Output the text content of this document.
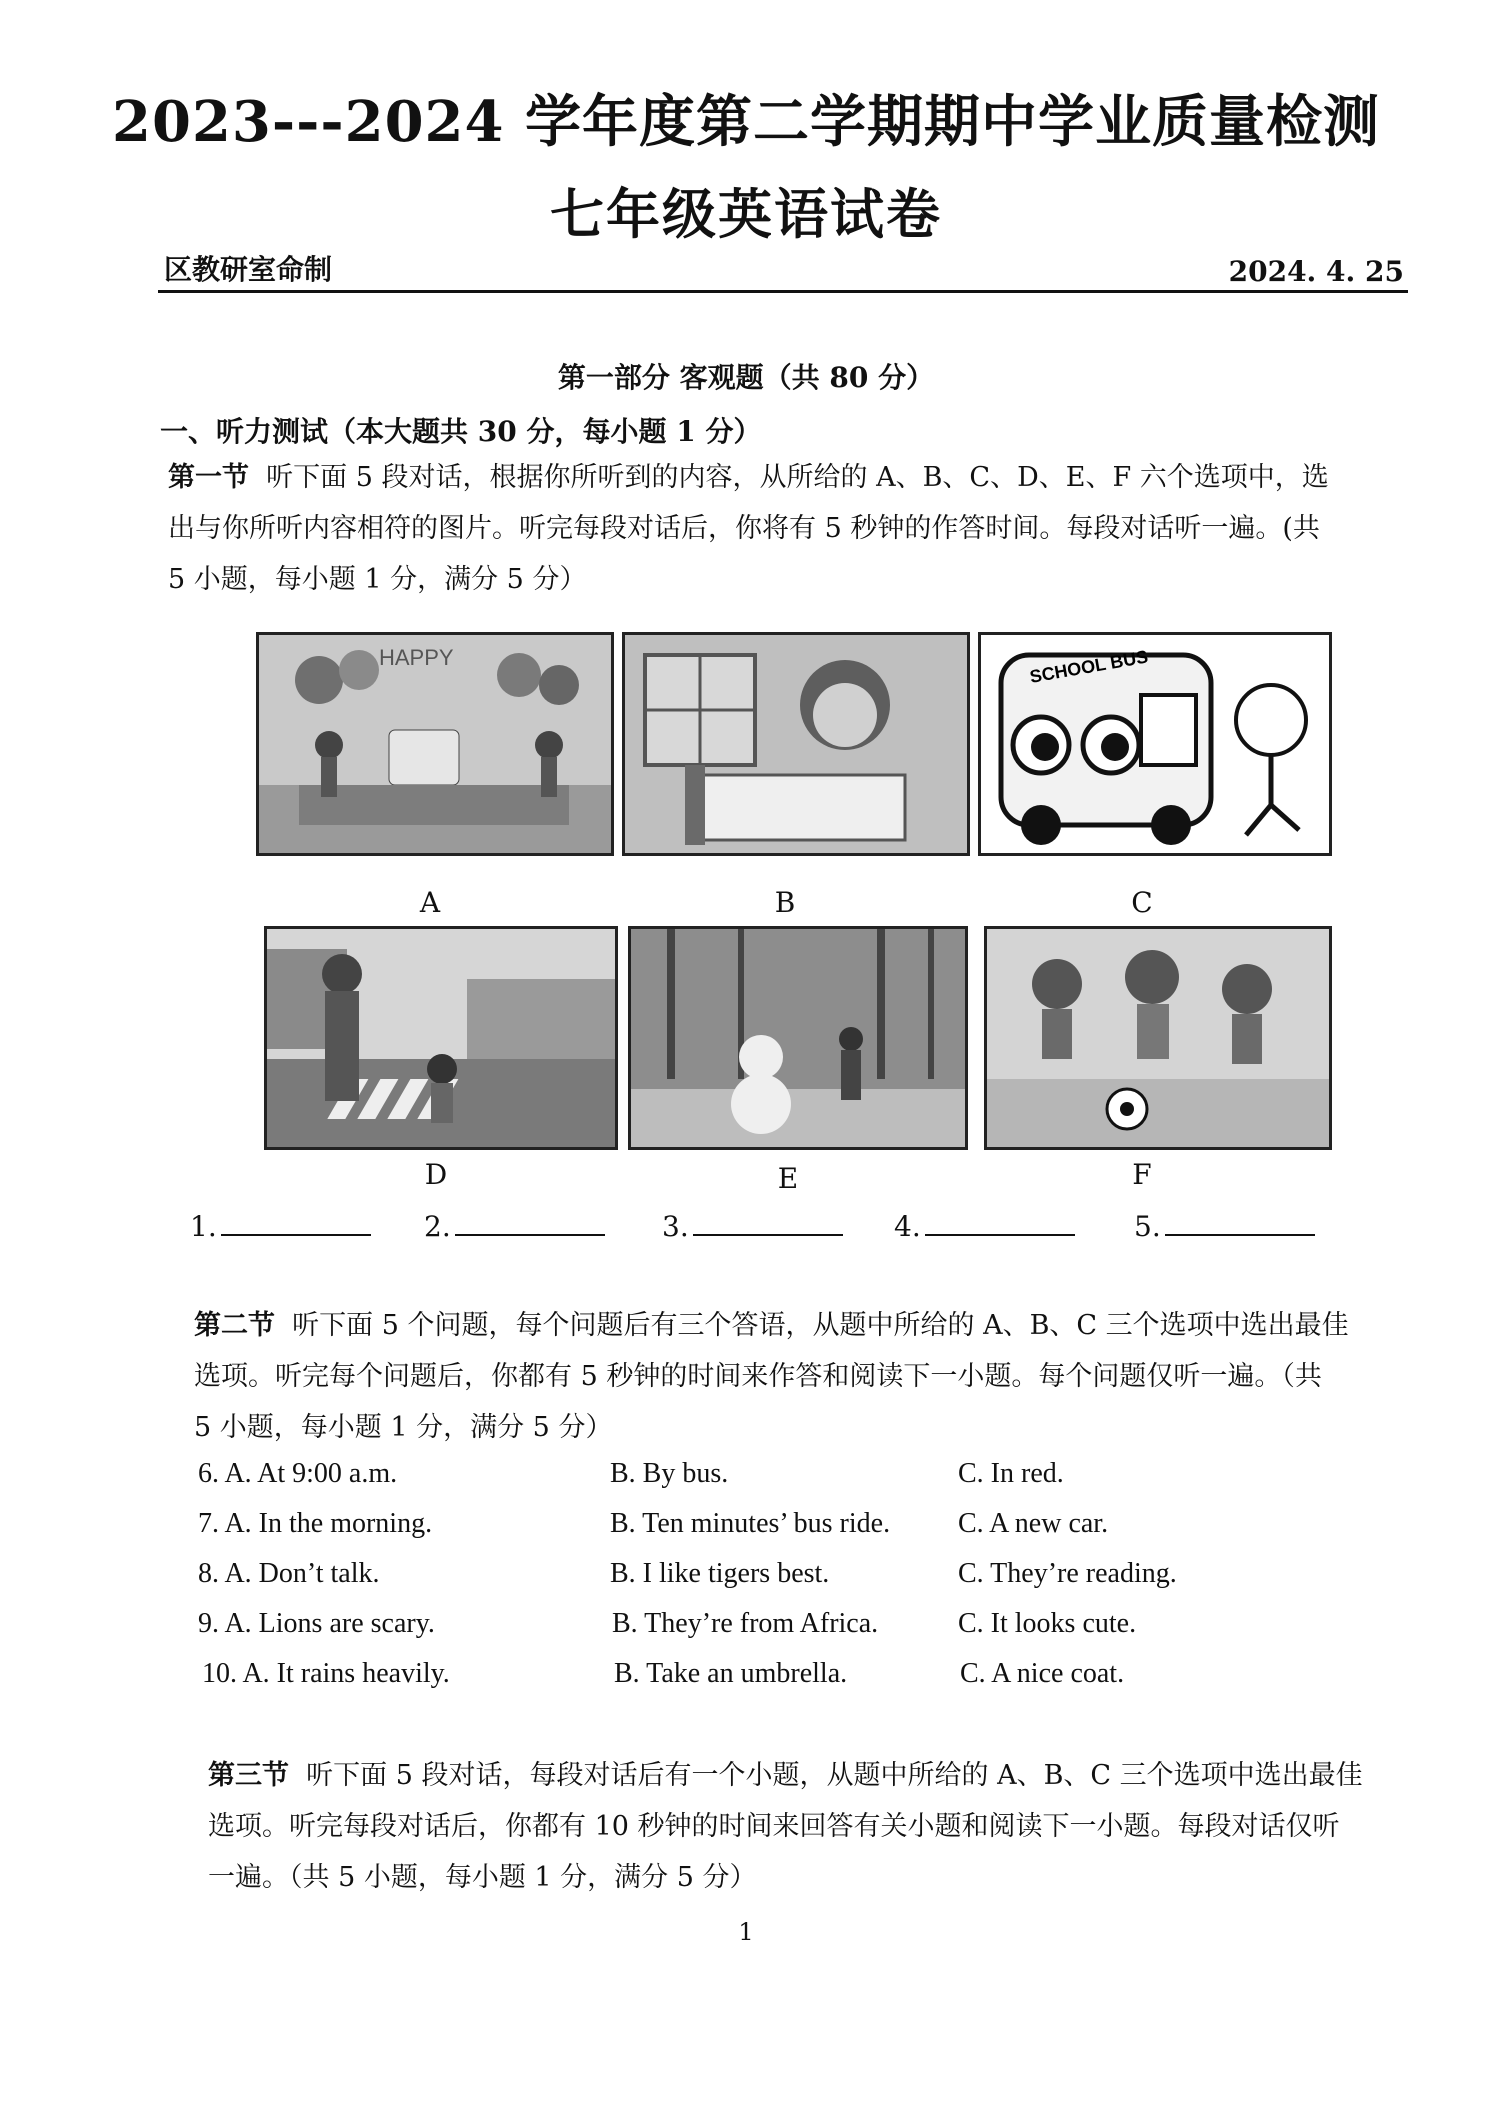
2023---2024 学年度第二学期期中学业质量检测
七年级英语试卷
区教研室命制	2024. 4. 25
第一部分 客观题（共 80 分）
一、听力测试（本大题共 30 分，每小题 1 分）
第一节 听下面 5 段对话，根据你所听到的内容，从所给的 A、B、C、D、E、F 六个选项中，选
出与你所听内容相符的图片。听完每段对话后，你将有 5 秒钟的作答时间。每段对话听一遍。(共
5 小题，每小题 1 分，满分 5 分）
HAPPY	SCHOOL BUS
A	B	C
D	E	F
1.	2.	3.	4.	5.
第二节 听下面 5 个问题，每个问题后有三个答语，从题中所给的 A、B、C 三个选项中选出最佳
选项。听完每个问题后，你都有 5 秒钟的时间来作答和阅读下一小题。每个问题仅听一遍。（共
5 小题，每小题 1 分，满分 5 分）
6. A. At 9:00 a.m.	B. By bus.	C. In red.
7. A. In the morning.	B. Ten minutes’ bus ride. C. A new car.
8. A. Don’t talk.	B. I like tigers best.	C. They’re reading.
9. A. Lions are scary.	B. They’re from Africa.	C. It looks cute.
10. A. It rains heavily.	B. Take an umbrella.	C. A nice coat.
第三节 听下面 5 段对话，每段对话后有一个小题，从题中所给的 A、B、C 三个选项中选出最佳
选项。听完每段对话后，你都有 10 秒钟的时间来回答有关小题和阅读下一小题。每段对话仅听
一遍。（共 5 小题，每小题 1 分，满分 5 分）
1
